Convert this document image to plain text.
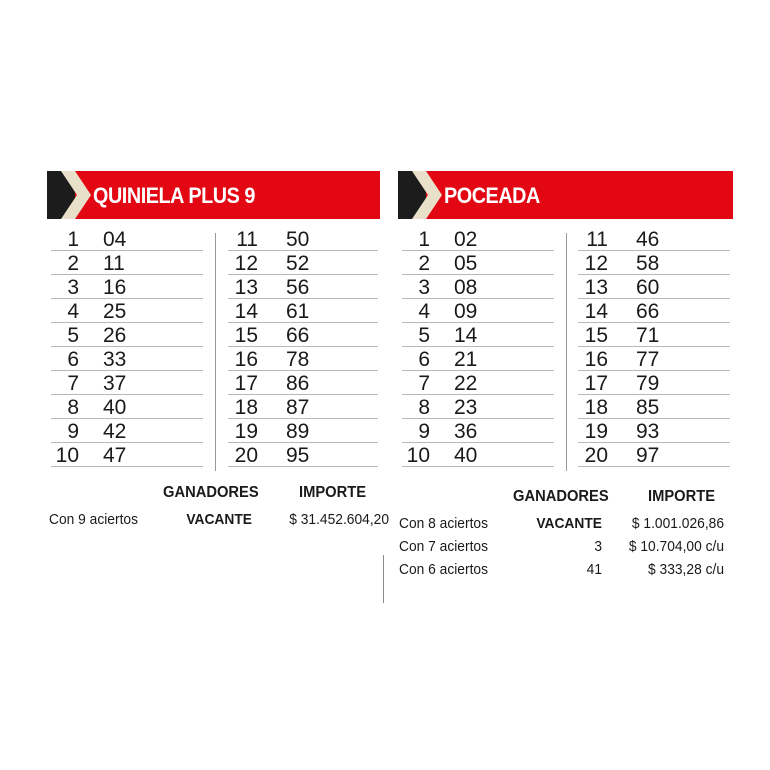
QUINIELA PLUS 9
1 04
2 11
3 16
4 25
5 26
6 33
7 37
8 40
9 42
10 47
11 50
12 52
13 56
14 61
15 66
16 78
17 86
18 87
19 89
20 95
GANADORES	IMPORTE
Con 9 aciertos	VACANTE	$ 31.452.604,20
POCEADA
1 02
2 05
3 08
4 09
5 14
6 21
7 22
8 23
9 36
10 40
11 46
12 58
13 60
14 66
15 71
16 77
17 79
18 85
19 93
20 97
GANADORES IMPORTE
Con 8 aciertos	VACANTE	$ 1.001.026,86
Con 7 aciertos	3	$ 10.704,00 c/u
Con 6 aciertos	41	$ 333,28 c/u
